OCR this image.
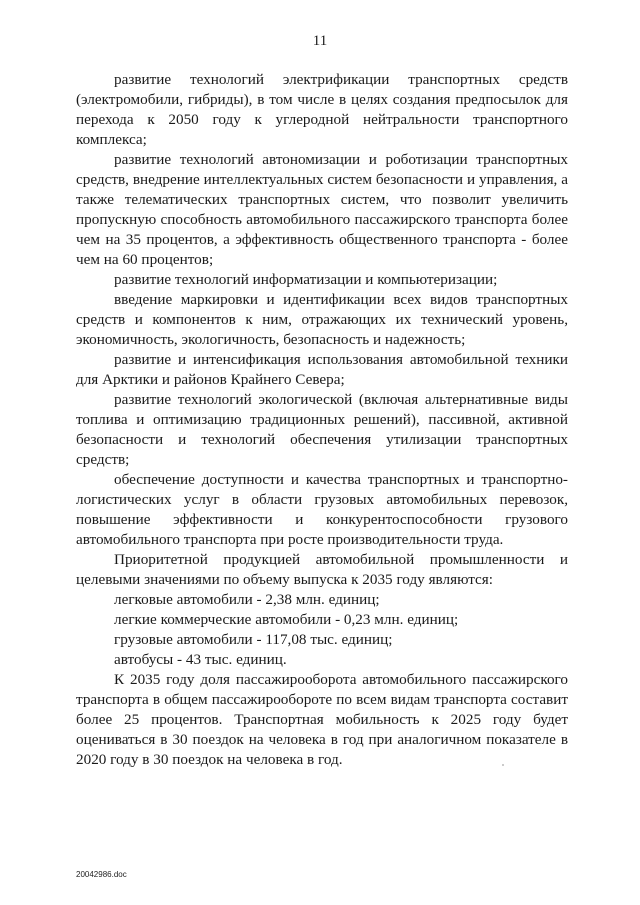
11

развитие технологий электрификации транспортных средств (электромобили, гибриды), в том числе в целях создания предпосылок для перехода к 2050 году к углеродной нейтральности транспортного комплекса;

развитие технологий автономизации и роботизации транспортных средств, внедрение интеллектуальных систем безопасности и управления, а также телематических транспортных систем, что позволит увеличить пропускную способность автомобильного пассажирского транспорта более чем на 35 процентов, а эффективность общественного транспорта - более чем на 60 процентов;

развитие технологий информатизации и компьютеризации;

введение маркировки и идентификации всех видов транспортных средств и компонентов к ним, отражающих их технический уровень, экономичность, экологичность, безопасность и надежность;

развитие и интенсификация использования автомобильной техники для Арктики и районов Крайнего Севера;

развитие технологий экологической (включая альтернативные виды топлива и оптимизацию традиционных решений), пассивной, активной безопасности и технологий обеспечения утилизации транспортных средств;

обеспечение доступности и качества транспортных и транспортно-логистических услуг в области грузовых автомобильных перевозок, повышение эффективности и конкурентоспособности грузового автомобильного транспорта при росте производительности труда.

Приоритетной продукцией автомобильной промышленности и целевыми значениями по объему выпуска к 2035 году являются:

легковые автомобили - 2,38 млн. единиц;

легкие коммерческие автомобили - 0,23 млн. единиц;

грузовые автомобили - 117,08 тыс. единиц;

автобусы - 43 тыс. единиц.

К 2035 году доля пассажирооборота автомобильного пассажирского транспорта в общем пассажирообороте по всем видам транспорта составит более 25 процентов. Транспортная мобильность к 2025 году будет оцениваться в 30 поездок на человека в год при аналогичном показателе в 2020 году в 30 поездок на человека в год.

20042986.doc
